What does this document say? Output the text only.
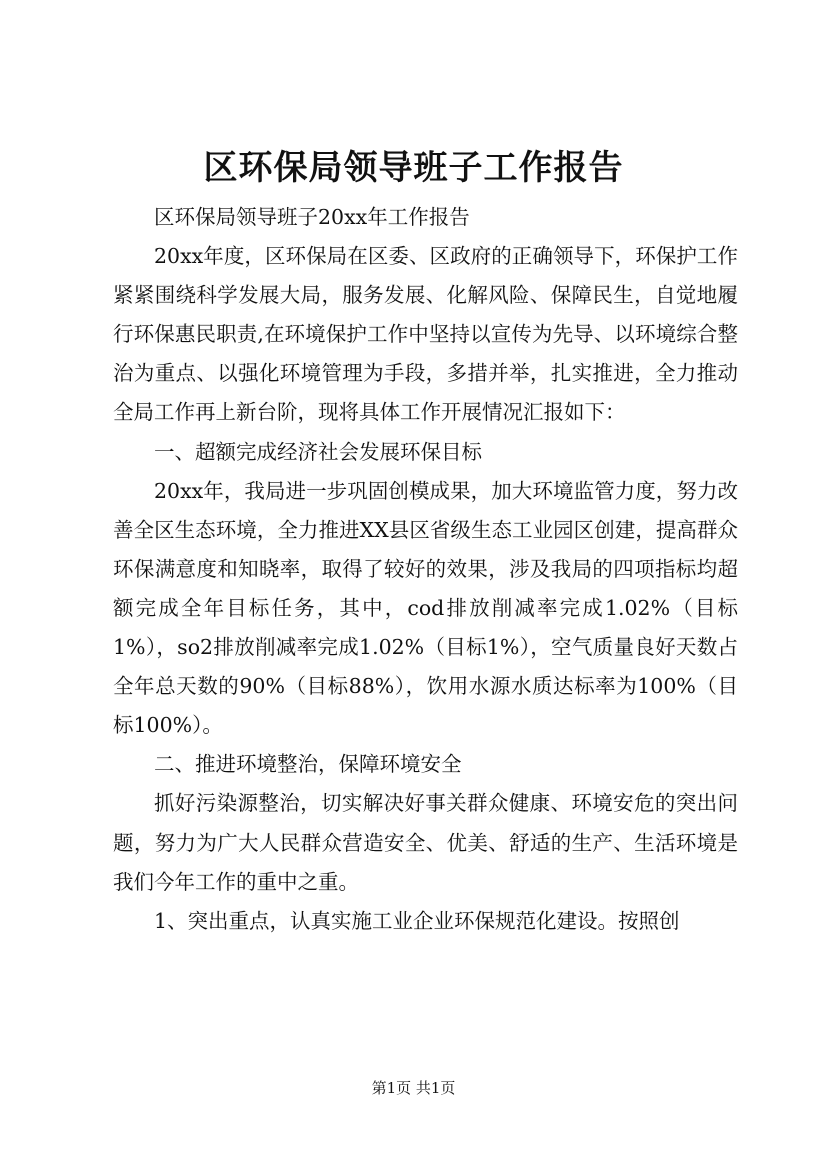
区环保局领导班子工作报告

区环保局领导班子20xx年工作报告

20xx年度，区环保局在区委、区政府的正确领导下，环保护工作紧紧围绕科学发展大局，服务发展、化解风险、保障民生，自觉地履行环保惠民职责,在环境保护工作中坚持以宣传为先导、以环境综合整治为重点、以强化环境管理为手段，多措并举，扎实推进，全力推动全局工作再上新台阶，现将具体工作开展情况汇报如下：

一、超额完成经济社会发展环保目标

20xx年，我局进一步巩固创模成果，加大环境监管力度，努力改善全区生态环境，全力推进XX县区省级生态工业园区创建，提高群众环保满意度和知晓率，取得了较好的效果，涉及我局的四项指标均超额完成全年目标任务，其中，cod排放削减率完成1.02%（目标1%），so2排放削减率完成1.02%（目标1%），空气质量良好天数占全年总天数的90%（目标88%），饮用水源水质达标率为100%（目标100%）。

二、推进环境整治，保障环境安全

抓好污染源整治，切实解决好事关群众健康、环境安危的突出问题，努力为广大人民群众营造安全、优美、舒适的生产、生活环境是我们今年工作的重中之重。

1、突出重点，认真实施工业企业环保规范化建设。按照创

第1页 共1页
